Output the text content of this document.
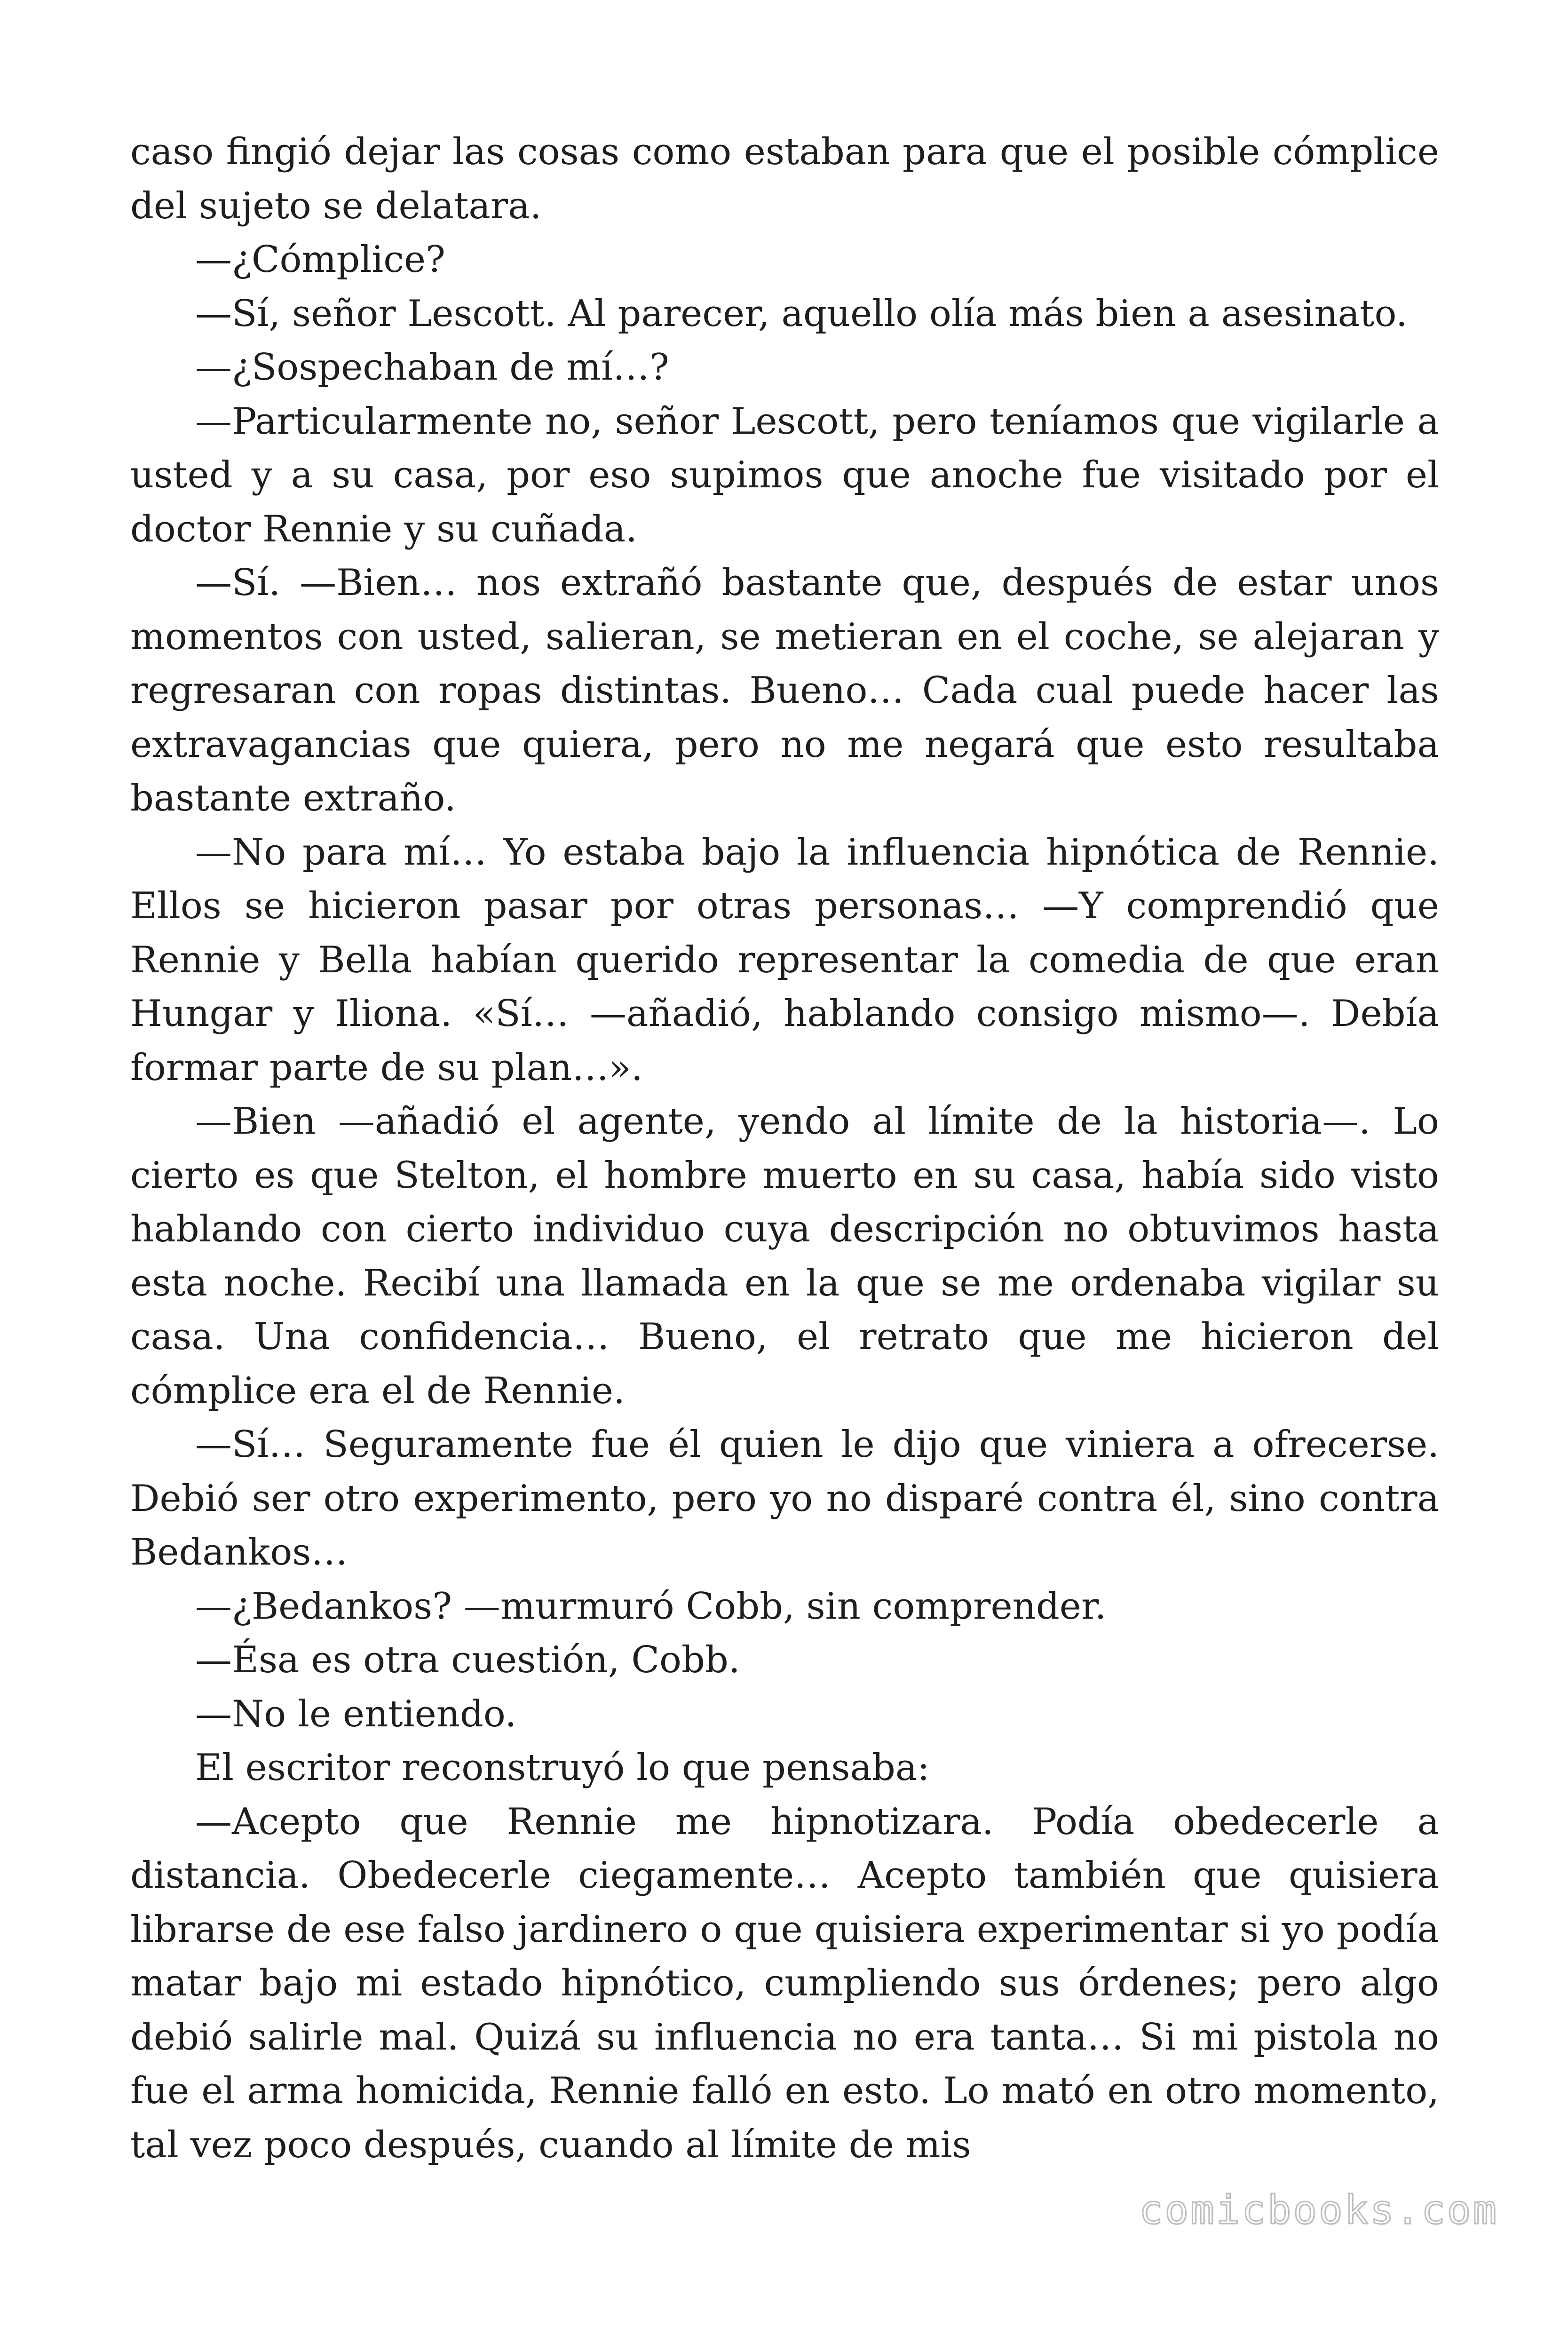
caso fingió dejar las cosas como estaban para que el posible cómplice del sujeto se delatara.

—¿Cómplice?

—Sí, señor Lescott. Al parecer, aquello olía más bien a asesinato.

—¿Sospechaban de mí…?

—Particularmente no, señor Lescott, pero teníamos que vigilarle a usted y a su casa, por eso supimos que anoche fue visitado por el doctor Rennie y su cuñada.

—Sí. —Bien… nos extrañó bastante que, después de estar unos momentos con usted, salieran, se metieran en el coche, se alejaran y regresaran con ropas distintas. Bueno… Cada cual puede hacer las extravagancias que quiera, pero no me negará que esto resultaba bastante extraño.

—No para mí… Yo estaba bajo la influencia hipnótica de Rennie. Ellos se hicieron pasar por otras personas… —Y comprendió que Rennie y Bella habían querido representar la comedia de que eran Hungar y Iliona. «Sí… —añadió, hablando consigo mismo—. Debía formar parte de su plan…».

—Bien —añadió el agente, yendo al límite de la historia—. Lo cierto es que Stelton, el hombre muerto en su casa, había sido visto hablando con cierto individuo cuya descripción no obtuvimos hasta esta noche. Recibí una llamada en la que se me ordenaba vigilar su casa. Una confidencia… Bueno, el retrato que me hicieron del cómplice era el de Rennie.

—Sí… Seguramente fue él quien le dijo que viniera a ofrecerse. Debió ser otro experimento, pero yo no disparé contra él, sino contra Bedankos…

—¿Bedankos? —murmuró Cobb, sin comprender.

—Ésa es otra cuestión, Cobb.

—No le entiendo.

El escritor reconstruyó lo que pensaba:

—Acepto que Rennie me hipnotizara. Podía obedecerle a distancia. Obedecerle ciegamente… Acepto también que quisiera librarse de ese falso jardinero o que quisiera experimentar si yo podía matar bajo mi estado hipnótico, cumpliendo sus órdenes; pero algo debió salirle mal. Quizá su influencia no era tanta… Si mi pistola no fue el arma homicida, Rennie falló en esto. Lo mató en otro momento, tal vez poco después, cuando al límite de mis

comicbooks.com
